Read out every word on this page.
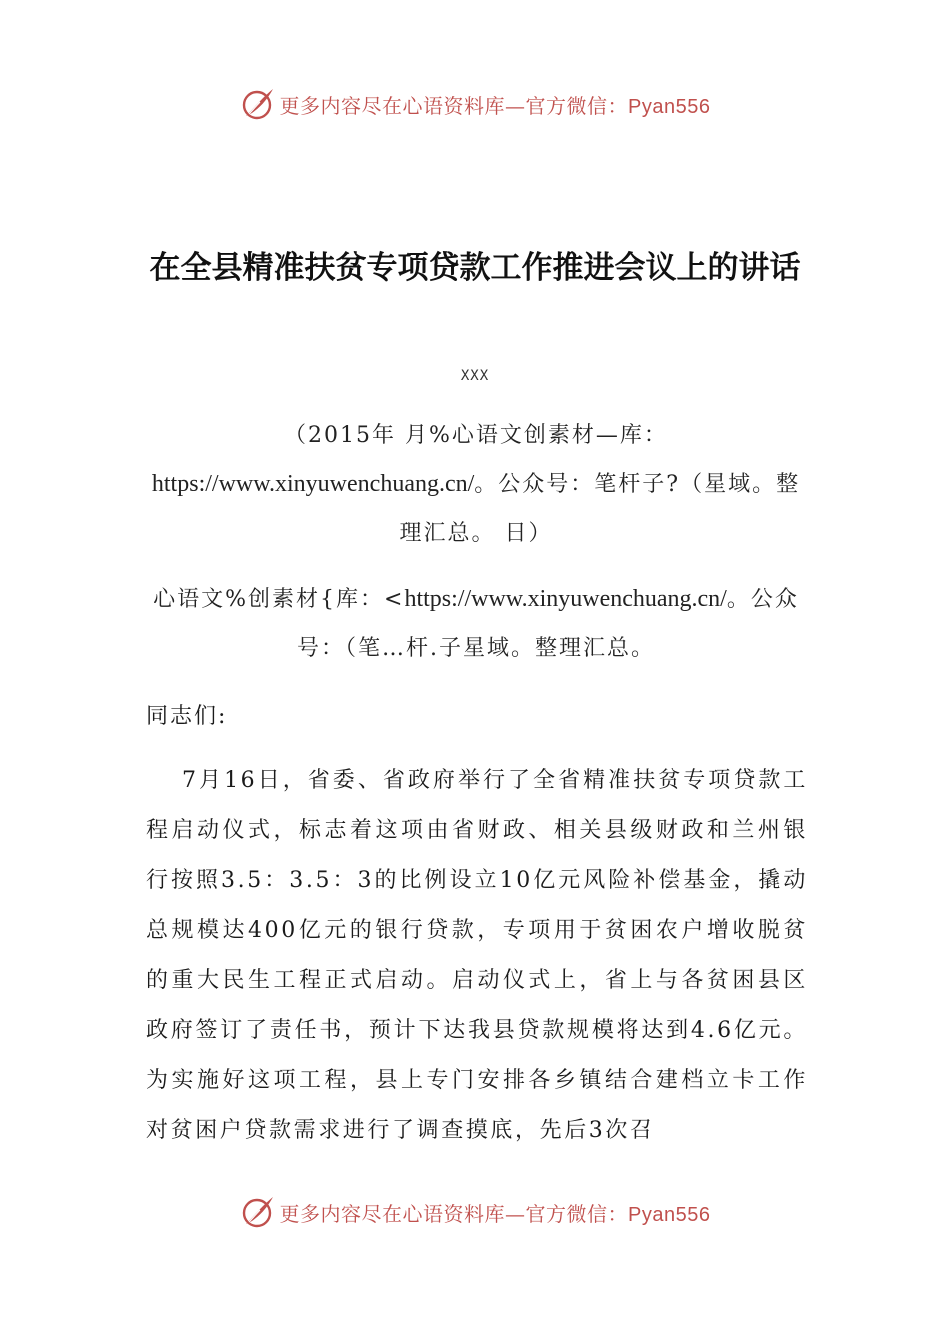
更多内容尽在心语资料库—官方微信：Pyan556
在全县精准扶贫专项贷款工作推进会议上的讲话
XXX
（2015年 月%心语文创素材—库：https://www.xinyuwenchuang.cn/。公众号：笔杆子?（星域。整理汇总。 日）
心语文%创素材{库：<https://www.xinyuwenchuang.cn/。公众号：（笔…杆.子星域。整理汇总。
同志们:

7月16日，省委、省政府举行了全省精准扶贫专项贷款工程启动仪式，标志着这项由省财政、相关县级财政和兰州银行按照3.5：3.5：3的比例设立10亿元风险补偿基金，撬动总规模达400亿元的银行贷款，专项用于贫困农户增收脱贫的重大民生工程正式启动。启动仪式上，省上与各贫困县区政府签订了责任书，预计下达我县贷款规模将达到4.6亿元。为实施好这项工程，县上专门安排各乡镇结合建档立卡工作对贫困户贷款需求进行了调查摸底，先后3次召

更多内容尽在心语资料库—官方微信：Pyan556
